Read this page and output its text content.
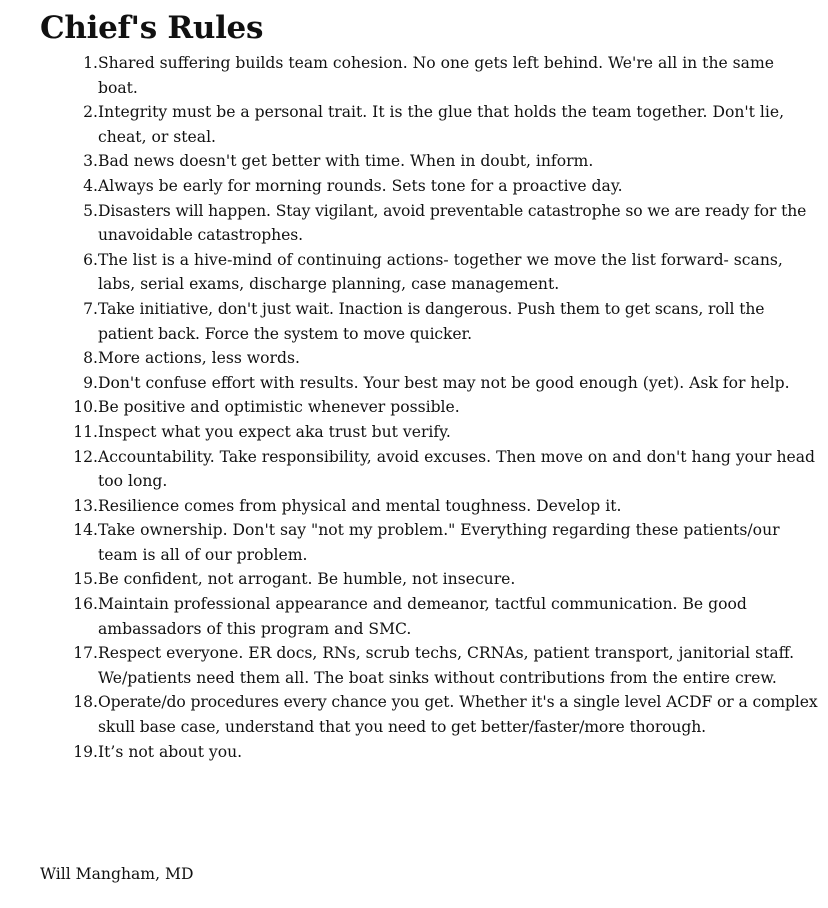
Chief's Rules
1. Shared suffering builds team cohesion. No one gets left behind. We're all in the same boat.
2. Integrity must be a personal trait. It is the glue that holds the team together. Don't lie, cheat, or steal.
3. Bad news doesn't get better with time. When in doubt, inform.
4. Always be early for morning rounds. Sets tone for a proactive day.
5. Disasters will happen. Stay vigilant, avoid preventable catastrophe so we are ready for the unavoidable catastrophes.
6. The list is a hive-mind of continuing actions- together we move the list forward- scans, labs, serial exams, discharge planning, case management.
7. Take initiative, don't just wait. Inaction is dangerous. Push them to get scans, roll the patient back. Force the system to move quicker.
8. More actions, less words.
9. Don't confuse effort with results. Your best may not be good enough (yet). Ask for help.
10. Be positive and optimistic whenever possible.
11. Inspect what you expect aka trust but verify.
12. Accountability. Take responsibility, avoid excuses. Then move on and don't hang your head too long.
13. Resilience comes from physical and mental toughness. Develop it.
14. Take ownership. Don't say "not my problem." Everything regarding these patients/our team is all of our problem.
15. Be confident, not arrogant. Be humble, not insecure.
16. Maintain professional appearance and demeanor, tactful communication. Be good ambassadors of this program and SMC.
17. Respect everyone. ER docs, RNs, scrub techs, CRNAs, patient transport, janitorial staff. We/patients need them all. The boat sinks without contributions from the entire crew.
18. Operate/do procedures every chance you get. Whether it's a single level ACDF or a complex skull base case, understand that you need to get better/faster/more thorough.
19. It’s not about you.

Will Mangham, MD
